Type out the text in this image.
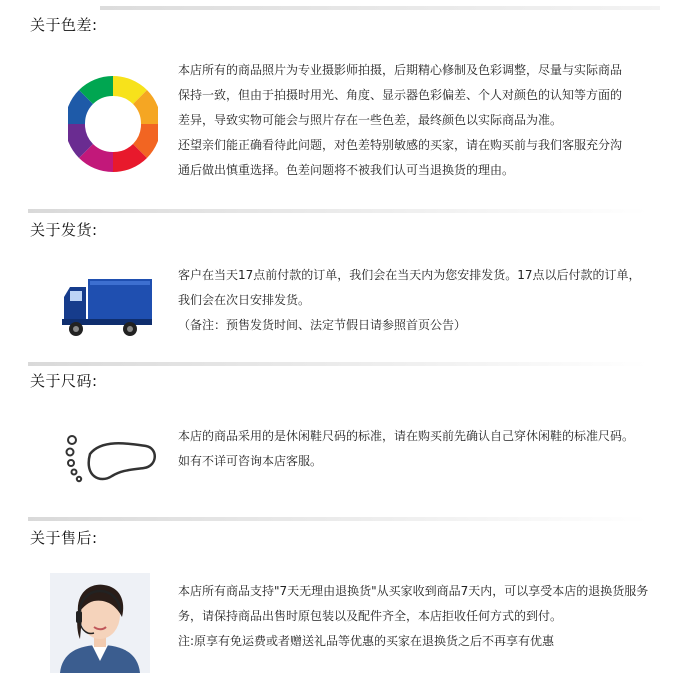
关于色差:

本店所有的商品照片为专业摄影师拍摄，后期精心修制及色彩调整，尽量与实际商品

保持一致，但由于拍摄时用光、角度、显示器色彩偏差、个人对颜色的认知等方面的

差异，导致实物可能会与照片存在一些色差，最终颜色以实际商品为准。

还望亲们能正确看待此问题，对色差特别敏感的买家，请在购买前与我们客服充分沟

通后做出慎重选择。色差问题将不被我们认可当退换货的理由。

关于发货:

客户在当天17点前付款的订单，我们会在当天内为您安排发货。17点以后付款的订单，

我们会在次日安排发货。

（备注：预售发货时间、法定节假日请参照首页公告）

关于尺码:

本店的商品采用的是休闲鞋尺码的标准，请在购买前先确认自己穿休闲鞋的标准尺码。

如有不详可咨询本店客服。

关于售后:

本店所有商品支持"7天无理由退换货"从买家收到商品7天内，可以享受本店的退换货服务

务，请保持商品出售时原包装以及配件齐全，本店拒收任何方式的到付。

注:原享有免运费或者赠送礼品等优惠的买家在退换货之后不再享有优惠
